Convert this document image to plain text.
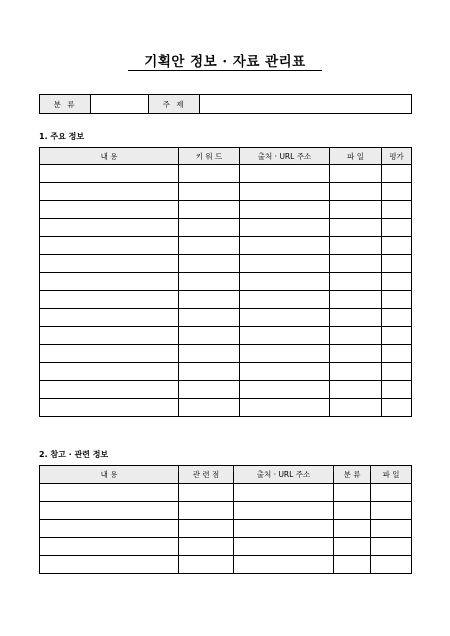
기획안 정보 · 자료 관리표
분 류		주 제	
1. 주요 정보
내 용	키 워 드	출처 · URL 주소	파 일	평가

2. 참고 · 관련 정보
내 용	관 련 점	출처 · URL 주소	분 류	파 일
